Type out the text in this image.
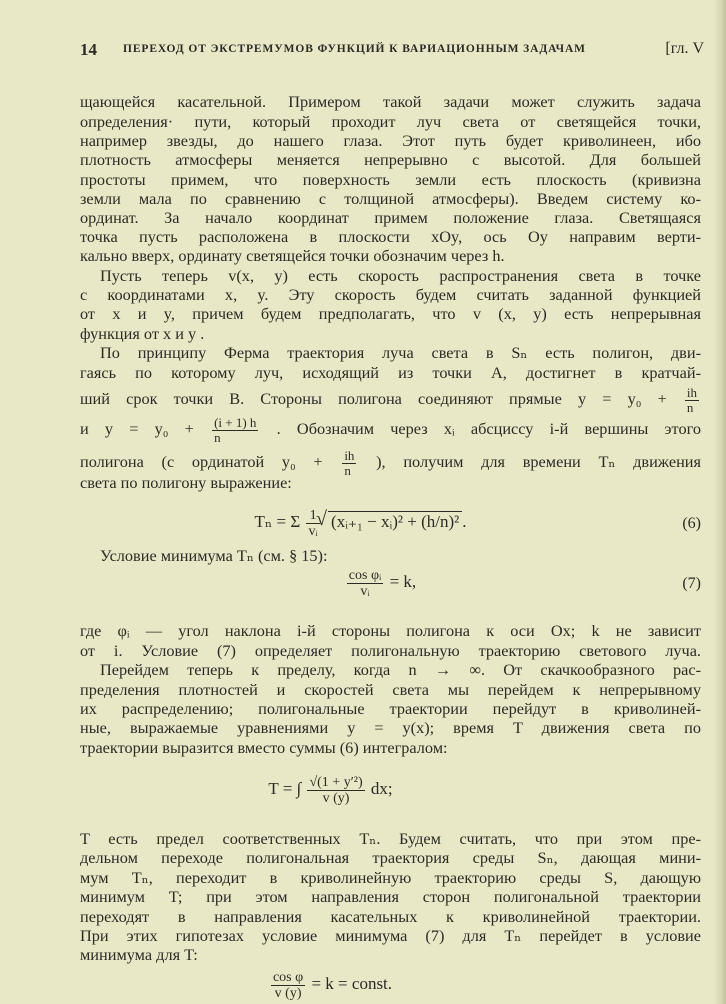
14 ПЕРЕХОД ОТ ЭКСТРЕМУМОВ ФУНКЦИЙ К ВАРИАЦИОННЫМ ЗАДАЧАМ	[гл. V
щающейся касательной. Примером такой задачи может служить задача
определения· пути, который проходит луч света от светящейся точки,
например звезды, до нашего глаза. Этот путь будет криволинеен, ибо
плотность атмосферы меняется непрерывно с высотой. Для большей
простоты примем, что поверхность земли есть плоскость (кривизна
земли мала по сравнению с толщиной атмосферы). Введем систему ко-
ординат. За начало координат примем положение глаза. Светящаяся
точка пусть расположена в плоскости xOy, ось Oy направим верти-
кально вверх, ординату светящейся точки обозначим через h.
Пусть теперь v(x, y) есть скорость распространения света в точке
с координатами x, y. Эту скорость будем считать заданной функцией
от x и y, причем будем предполагать, что v (x, y) есть непрерывная
функция от x и y .
По принципу Ферма траектория луча света в Sₙ есть полигон, дви-
гаясь по которому луч, исходящий из точки A, достигнет в кратчай-
ший срок точки B. Стороны полигона соединяют прямые $y = y_0 + \frac{ih}{n}$
и $y = y_0 + \frac{(i + 1) h}{n}$ . Обозначим через xᵢ абсциссу i-й вершины этого
полигона (с ординатой $y_0 + \frac{ih}{n}$ ), получим для времени Tₙ движения
света по полигону выражение:
Условие минимума Tₙ (см. § 15):
где φᵢ — угол наклона i-й стороны полигона к оси Ox; k не зависит
от i. Условие (7) определяет полигональную траекторию светового луча.
Перейдем теперь к пределу, когда n → ∞. От скачкообразного рас-
пределения плотностей и скоростей света мы перейдем к непрерывному
их распределению; полигональные траектории перейдут в криволиней-
ные, выражаемые уравнениями y = y(x); время T движения света по
траектории выразится вместо суммы (6) интегралом:
T есть предел соответственных Tₙ. Будем считать, что при этом пре-
дельном переходе полигональная траектория среды Sₙ, дающая мини-
мум Tₙ, переходит в криволинейную траекторию среды S, дающую
минимум T; при этом направления сторон полигональной траектории
переходят в направления касательных к криволинейной траектории.
При этих гипотезах условие минимума (7) для Tₙ перейдет в условие
минимума для T:
Tₙ = Σ $\frac{1}{\text{vᵢ}}$ √ (xᵢ₊₁ − xᵢ)² + (h/n)² .	(6)
$\frac{\text{cos φᵢ}}{\text{vᵢ}} = k$,	(7)
T = ∫ $\frac{\text{√(1 + y′²)}}{v (y)}$ dx;
$\frac{\text{cos φ}}{v (y)} = k$ = const.
